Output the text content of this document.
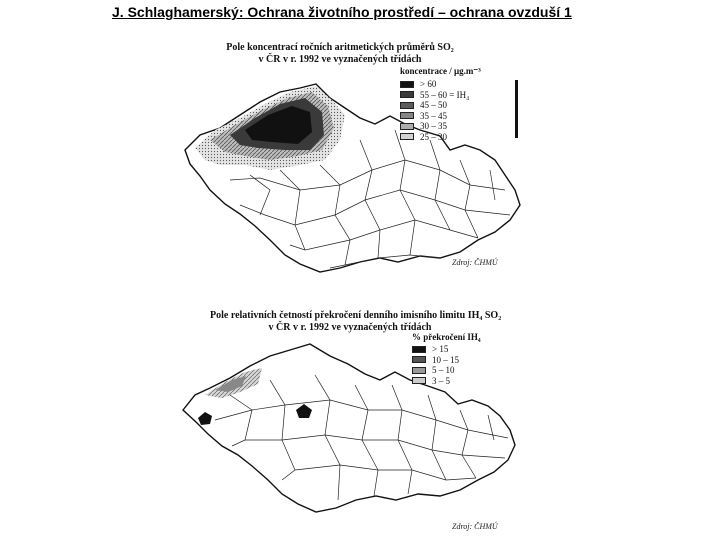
J. Schlaghamerský: Ochrana životního prostředí – ochrana ovzduší 1
Pole koncentrací ročních aritmetických průměrů SO₂
v ČR v r. 1992 ve vyznačených třídách
koncentrace / µg.m⁻³
> 60
55 – 60 = IH₄
45 – 50
35 – 45
30 – 35
25 – 30
Zdroj: ČHMÚ
Pole relativních četností překročení denního imisního limitu IH₄ SO₂
v ČR v r. 1992 ve vyznačených třídách
% překročení IH₄
> 15
10 – 15
5 – 10
3 – 5
Zdroj: ČHMÚ
